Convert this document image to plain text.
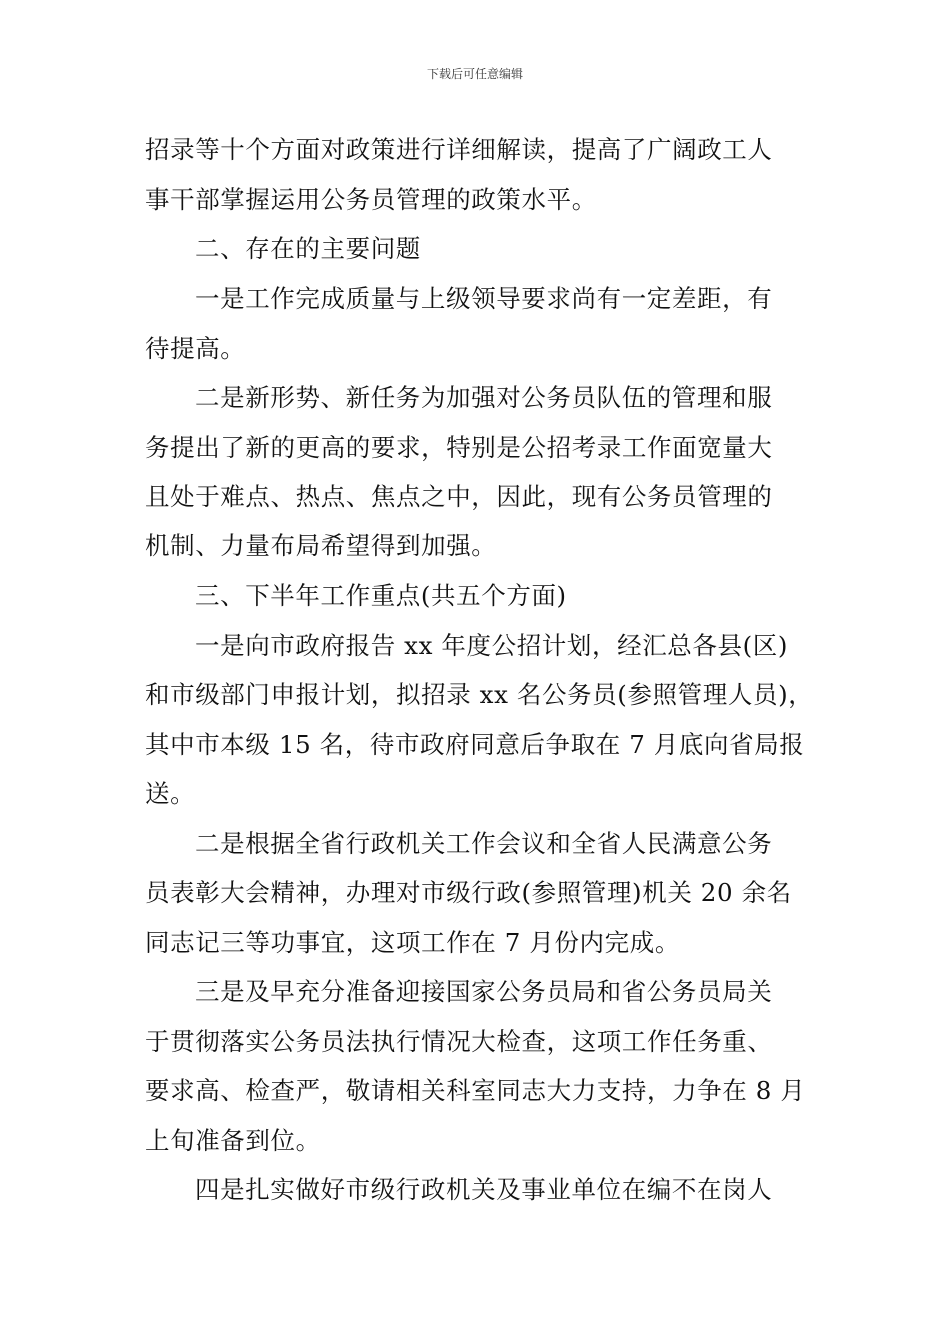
下载后可任意编辑
招录等十个方面对政策进行详细解读，提高了广阔政工人
事干部掌握运用公务员管理的政策水平。
二、存在的主要问题
一是工作完成质量与上级领导要求尚有一定差距，有
待提高。
二是新形势、新任务为加强对公务员队伍的管理和服
务提出了新的更高的要求，特别是公招考录工作面宽量大
且处于难点、热点、焦点之中，因此，现有公务员管理的
机制、力量布局希望得到加强。
三、下半年工作重点(共五个方面)
一是向市政府报告 xx 年度公招计划，经汇总各县(区)
和市级部门申报计划，拟招录 xx 名公务员(参照管理人员)，
其中市本级 15 名，待市政府同意后争取在 7 月底向省局报
送。
二是根据全省行政机关工作会议和全省人民满意公务
员表彰大会精神，办理对市级行政(参照管理)机关 20 余名
同志记三等功事宜，这项工作在 7 月份内完成。
三是及早充分准备迎接国家公务员局和省公务员局关
于贯彻落实公务员法执行情况大检查，这项工作任务重、
要求高、检查严，敬请相关科室同志大力支持，力争在 8 月
上旬准备到位。
四是扎实做好市级行政机关及事业单位在编不在岗人
